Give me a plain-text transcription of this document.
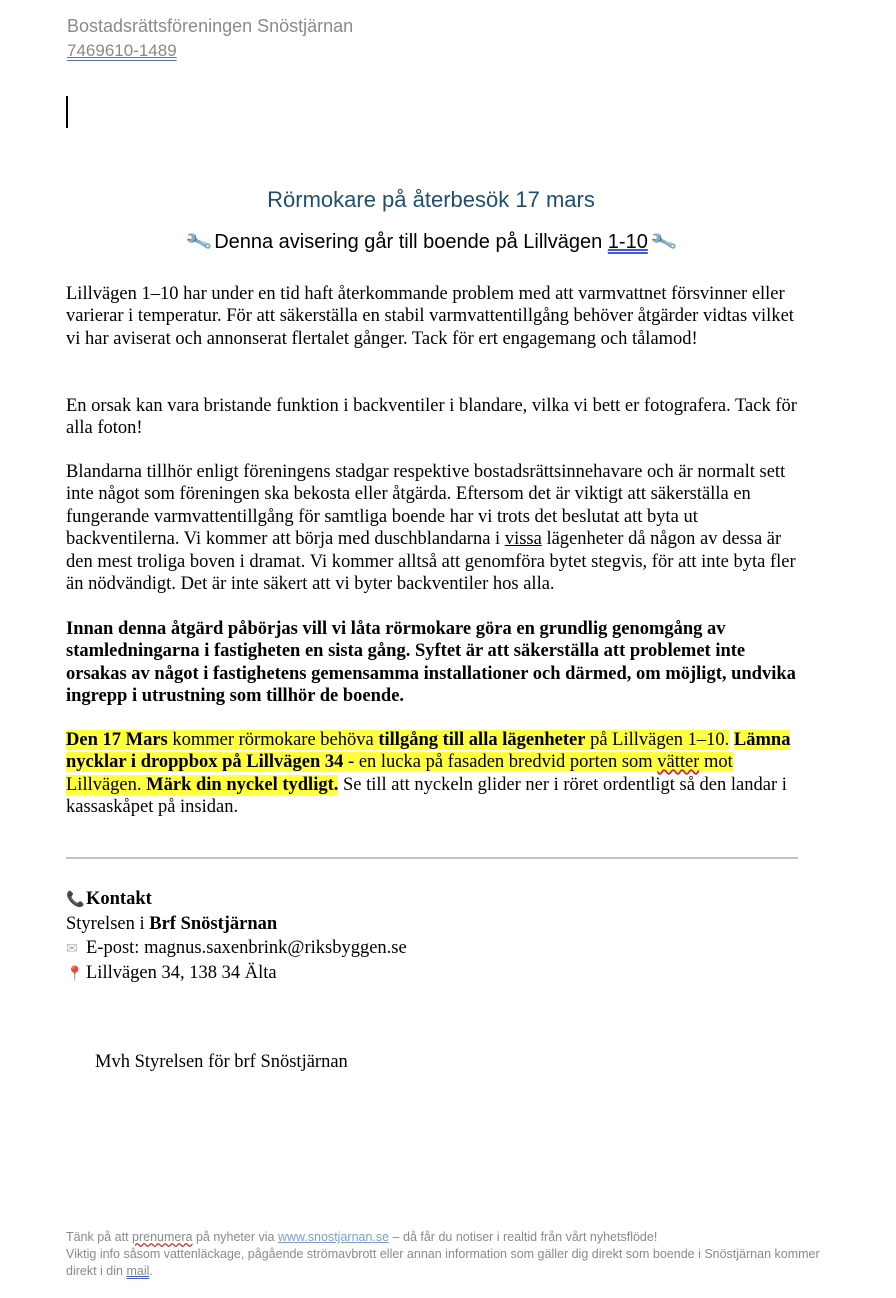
Bostadsrättsföreningen Snöstjärnan
7469610-1489
Rörmokare på återbesök 17 mars
🔧Denna avisering går till boende på Lillvägen 1-10🔧

Lillvägen 1–10 har under en tid haft återkommande problem med att varmvattnet försvinner eller varierar i temperatur. För att säkerställa en stabil varmvattentillgång behöver åtgärder vidtas vilket vi har aviserat och annonserat flertalet gånger. Tack för ert engagemang och tålamod!

En orsak kan vara bristande funktion i backventiler i blandare, vilka vi bett er fotografera. Tack för alla foton!

Blandarna tillhör enligt föreningens stadgar respektive bostadsrättsinnehavare och är normalt sett inte något som föreningen ska bekosta eller åtgärda. Eftersom det är viktigt att säkerställa en fungerande varmvattentillgång för samtliga boende har vi trots det beslutat att byta ut backventilerna. Vi kommer att börja med duschblandarna i vissa lägenheter då någon av dessa är den mest troliga boven i dramat. Vi kommer alltså att genomföra bytet stegvis, för att inte byta fler än nödvändigt. Det är inte säkert att vi byter backventiler hos alla.

Innan denna åtgärd påbörjas vill vi låta rörmokare göra en grundlig genomgång av stamledningarna i fastigheten en sista gång. Syftet är att säkerställa att problemet inte orsakas av något i fastighetens gemensamma installationer och därmed, om möjligt, undvika ingrepp i utrustning som tillhör de boende.

Den 17 Mars kommer rörmokare behöva tillgång till alla lägenheter på Lillvägen 1–10. Lämna nycklar i droppbox på Lillvägen 34 - en lucka på fasaden bredvid porten som vätter mot Lillvägen. Märk din nyckel tydligt. Se till att nyckeln glider ner i röret ordentligt så den landar i kassaskåpet på insidan.

📞Kontakt
Styrelsen i Brf Snöstjärnan
✉ E-post: magnus.saxenbrink@riksbyggen.se
📍 Lillvägen 34, 138 34 Älta
Mvh Styrelsen för brf Snöstjärnan
Tänk på att prenumera på nyheter via www.snostjarnan.se – då får du notiser i realtid från vårt nyhetsflöde!
Viktig info såsom vattenläckage, pågående strömavbrott eller annan information som gäller dig direkt som boende i Snöstjärnan kommer direkt i din mail.
